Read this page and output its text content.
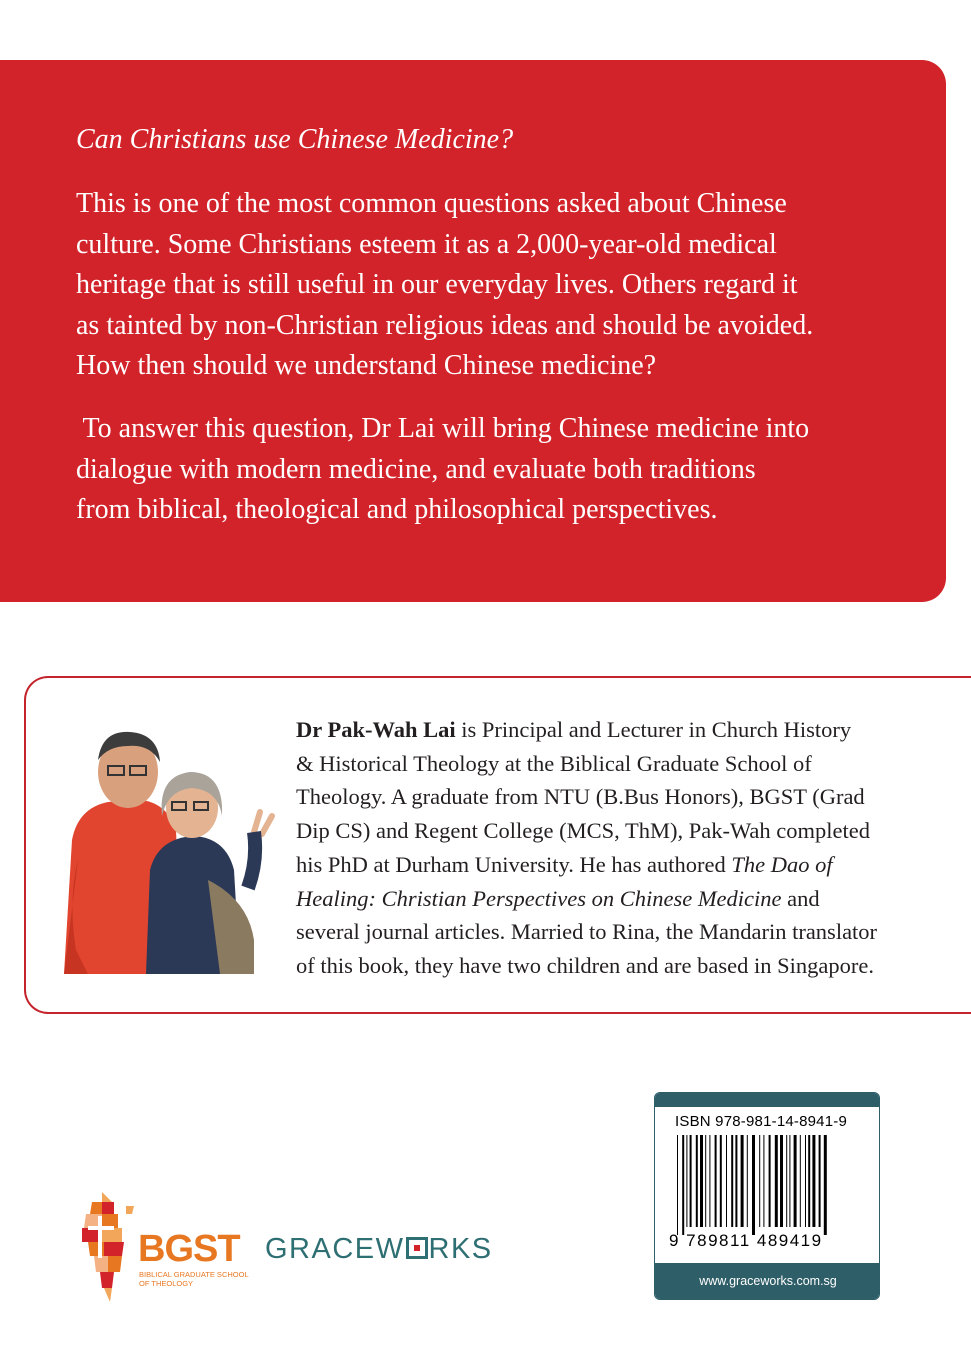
Can Christians use Chinese Medicine?
This is one of the most common questions asked about Chinese
culture. Some Christians esteem it as a 2,000-year-old medical
heritage that is still useful in our everyday lives. Others regard it
as tainted by non-Christian religious ideas and should be avoided.
How then should we understand Chinese medicine?
To answer this question, Dr Lai will bring Chinese medicine into
dialogue with modern medicine, and evaluate both traditions
from biblical, theological and philosophical perspectives.
Dr Pak-Wah Lai is Principal and Lecturer in Church History
& Historical Theology at the Biblical Graduate School of
Theology. A graduate from NTU (B.Bus Honors), BGST (Grad
Dip CS) and Regent College (MCS, ThM), Pak-Wah completed
his PhD at Durham University. He has authored The Dao of
Healing: Christian Perspectives on Chinese Medicine and
several journal articles. Married to Rina, the Mandarin translator
of this book, they have two children and are based in Singapore.
ISBN 978-981-14-8941-9
9 789811 489419
www.graceworks.com.sg
BGST
BIBLICAL GRADUATE SCHOOL OF THEOLOGY
GRACEW RKS
